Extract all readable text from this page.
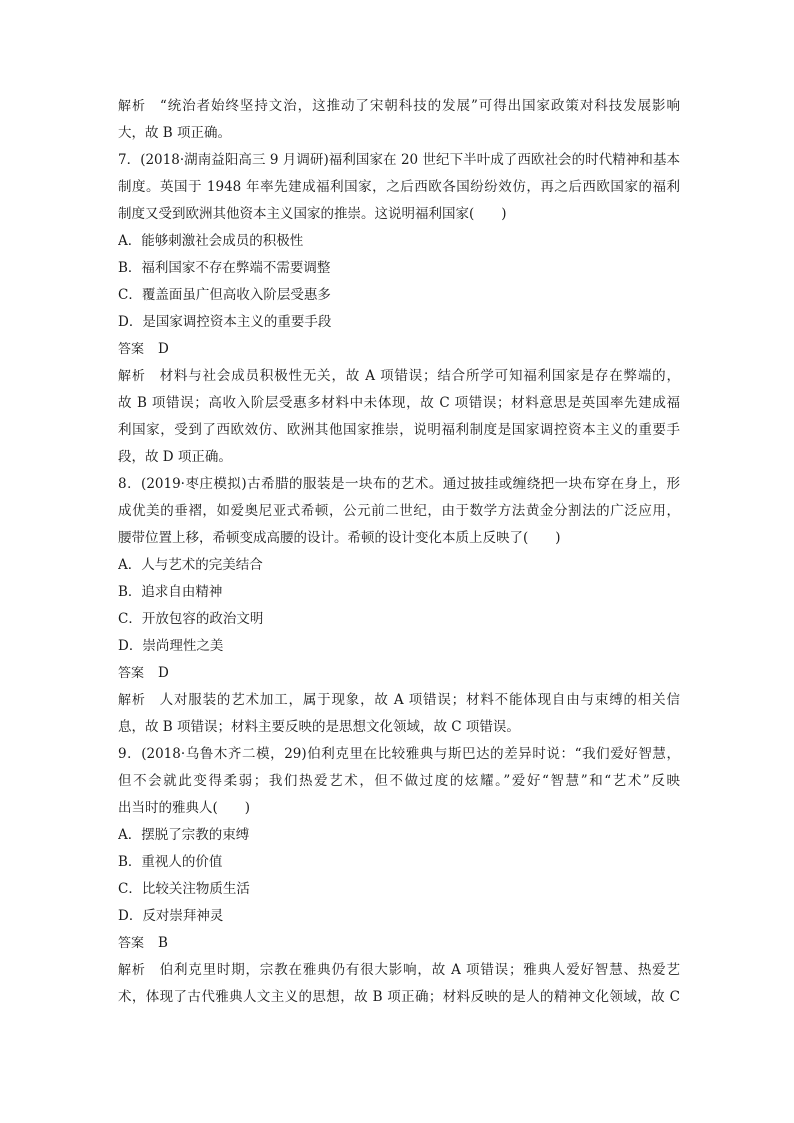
解析 “统治者始终坚持文治，这推动了宋朝科技的发展”可得出国家政策对科技发展影响
大，故 B 项正确。
7．(2018·湖南益阳高三 9 月调研)福利国家在 20 世纪下半叶成了西欧社会的时代精神和基本
制度。英国于 1948 年率先建成福利国家，之后西欧各国纷纷效仿，再之后西欧国家的福利
制度又受到欧洲其他资本主义国家的推崇。这说明福利国家(　　)
A．能够刺激社会成员的积极性
B．福利国家不存在弊端不需要调整
C．覆盖面虽广但高收入阶层受惠多
D．是国家调控资本主义的重要手段
答案 D
解析 材料与社会成员积极性无关，故 A 项错误；结合所学可知福利国家是存在弊端的，
故 B 项错误；高收入阶层受惠多材料中未体现，故 C 项错误；材料意思是英国率先建成福
利国家，受到了西欧效仿、欧洲其他国家推崇，说明福利制度是国家调控资本主义的重要手
段，故 D 项正确。
8．(2019·枣庄模拟)古希腊的服装是一块布的艺术。通过披挂或缠绕把一块布穿在身上，形
成优美的垂褶，如爱奥尼亚式希顿，公元前二世纪，由于数学方法黄金分割法的广泛应用，
腰带位置上移，希顿变成高腰的设计。希顿的设计变化本质上反映了(　　)
A．人与艺术的完美结合
B．追求自由精神
C．开放包容的政治文明
D．崇尚理性之美
答案 D
解析 人对服装的艺术加工，属于现象，故 A 项错误；材料不能体现自由与束缚的相关信
息，故 B 项错误；材料主要反映的是思想文化领域，故 C 项错误。
9．(2018·乌鲁木齐二模，29)伯利克里在比较雅典与斯巴达的差异时说：“我们爱好智慧，
但不会就此变得柔弱；我们热爱艺术，但不做过度的炫耀。”爱好“智慧”和“艺术”反映
出当时的雅典人(　　)
A．摆脱了宗教的束缚
B．重视人的价值
C．比较关注物质生活
D．反对崇拜神灵
答案 B
解析 伯利克里时期，宗教在雅典仍有很大影响，故 A 项错误；雅典人爱好智慧、热爱艺
术，体现了古代雅典人文主义的思想，故 B 项正确；材料反映的是人的精神文化领域，故 C
